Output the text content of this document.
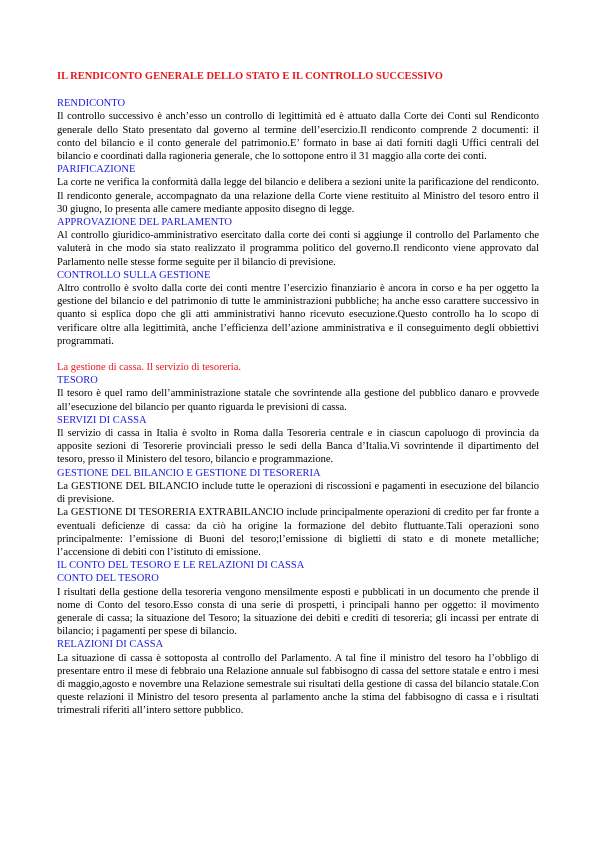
IL RENDICONTO GENERALE DELLO STATO E IL CONTROLLO SUCCESSIVO
RENDICONTO

Il controllo successivo è anch’esso un controllo di legittimità ed è attuato dalla Corte dei Conti sul Rendiconto generale dello Stato presentato dal governo al termine dell’esercizio.Il rendiconto comprende 2 documenti: il conto del bilancio e il conto generale del patrimonio.E’ formato in base ai dati forniti dagli Uffici centrali del bilancio e coordinati dalla ragioneria generale, che lo sottopone entro il 31 maggio alla corte dei conti.

PARIFICAZIONE

La corte ne verifica la conformità dalla legge del bilancio e delibera a sezioni unite la parificazione del rendiconto. Il rendiconto generale, accompagnato da una relazione della Corte viene restituito al Ministro del tesoro entro il 30 giugno, lo presenta alle camere mediante apposito disegno di legge.

APPROVAZIONE DEL PARLAMENTO

Al controllo giuridico-amministrativo esercitato dalla corte dei conti si aggiunge il controllo del Parlamento che valuterà in che modo sia stato realizzato il programma politico del governo.Il rendiconto viene approvato dal Parlamento nelle stesse forme seguite per il bilancio di previsione.

CONTROLLO SULLA GESTIONE

Altro controllo è svolto dalla corte dei conti mentre l’esercizio finanziario è ancora in corso e ha per oggetto la gestione del bilancio e del patrimonio di tutte le amministrazioni pubbliche; ha anche esso carattere successivo in quanto si esplica dopo che gli atti amministrativi hanno ricevuto esecuzione.Questo controllo ha lo scopo di verificare oltre alla legittimità, anche l’efficienza dell’azione amministrativa e il conseguimento degli obbiettivi programmati.

La gestione di cassa. Il servizio di tesoreria.
TESORO

Il tesoro è quel ramo dell’amministrazione statale che sovrintende alla gestione del pubblico danaro e provvede all’esecuzione del bilancio per quanto riguarda le previsioni di cassa.

SERVIZI DI CASSA

Il servizio di cassa in Italia è svolto in Roma dalla Tesoreria centrale e in ciascun capoluogo di provincia da apposite sezioni di Tesorerie provinciali presso le sedi della Banca d’Italia.Vi sovrintende il dipartimento del tesoro, presso il Ministero del tesoro, bilancio e programmazione.

GESTIONE DEL BILANCIO E GESTIONE DI TESORERIA

La GESTIONE DEL BILANCIO include tutte le operazioni di riscossioni e pagamenti in esecuzione del bilancio di previsione.

La GESTIONE DI TESORERIA EXTRABILANCIO include principalmente operazioni di credito per far fronte a eventuali deficienze di cassa: da ciò ha origine la formazione del debito fluttuante.Tali operazioni sono principalmente: l’emissione di Buoni del tesoro;l’emissione di biglietti di stato e di monete metalliche; l’accensione di debiti con l’istituto di emissione.

IL CONTO DEL TESORO E LE RELAZIONI DI CASSA
CONTO DEL TESORO

I risultati della gestione della tesoreria vengono mensilmente esposti e pubblicati in un documento che prende il nome di Conto del tesoro.Esso consta di una serie di prospetti, i principali hanno per oggetto: il movimento generale di cassa; la situazione del Tesoro; la situazione dei debiti e crediti di tesoreria; gli incassi per entrate di bilancio; i pagamenti per spese di bilancio.

RELAZIONI DI CASSA

La situazione di cassa è sottoposta al controllo del Parlamento. A tal fine il ministro del tesoro ha l’obbligo di presentare entro il mese di febbraio una Relazione annuale sul fabbisogno di cassa del settore statale e entro i mesi di maggio,agosto e novembre una Relazione semestrale sui risultati della gestione di cassa del bilancio statale.Con queste relazioni il Ministro del tesoro presenta al parlamento anche la stima del fabbisogno di cassa e i risultati trimestrali riferiti all’intero settore pubblico.
